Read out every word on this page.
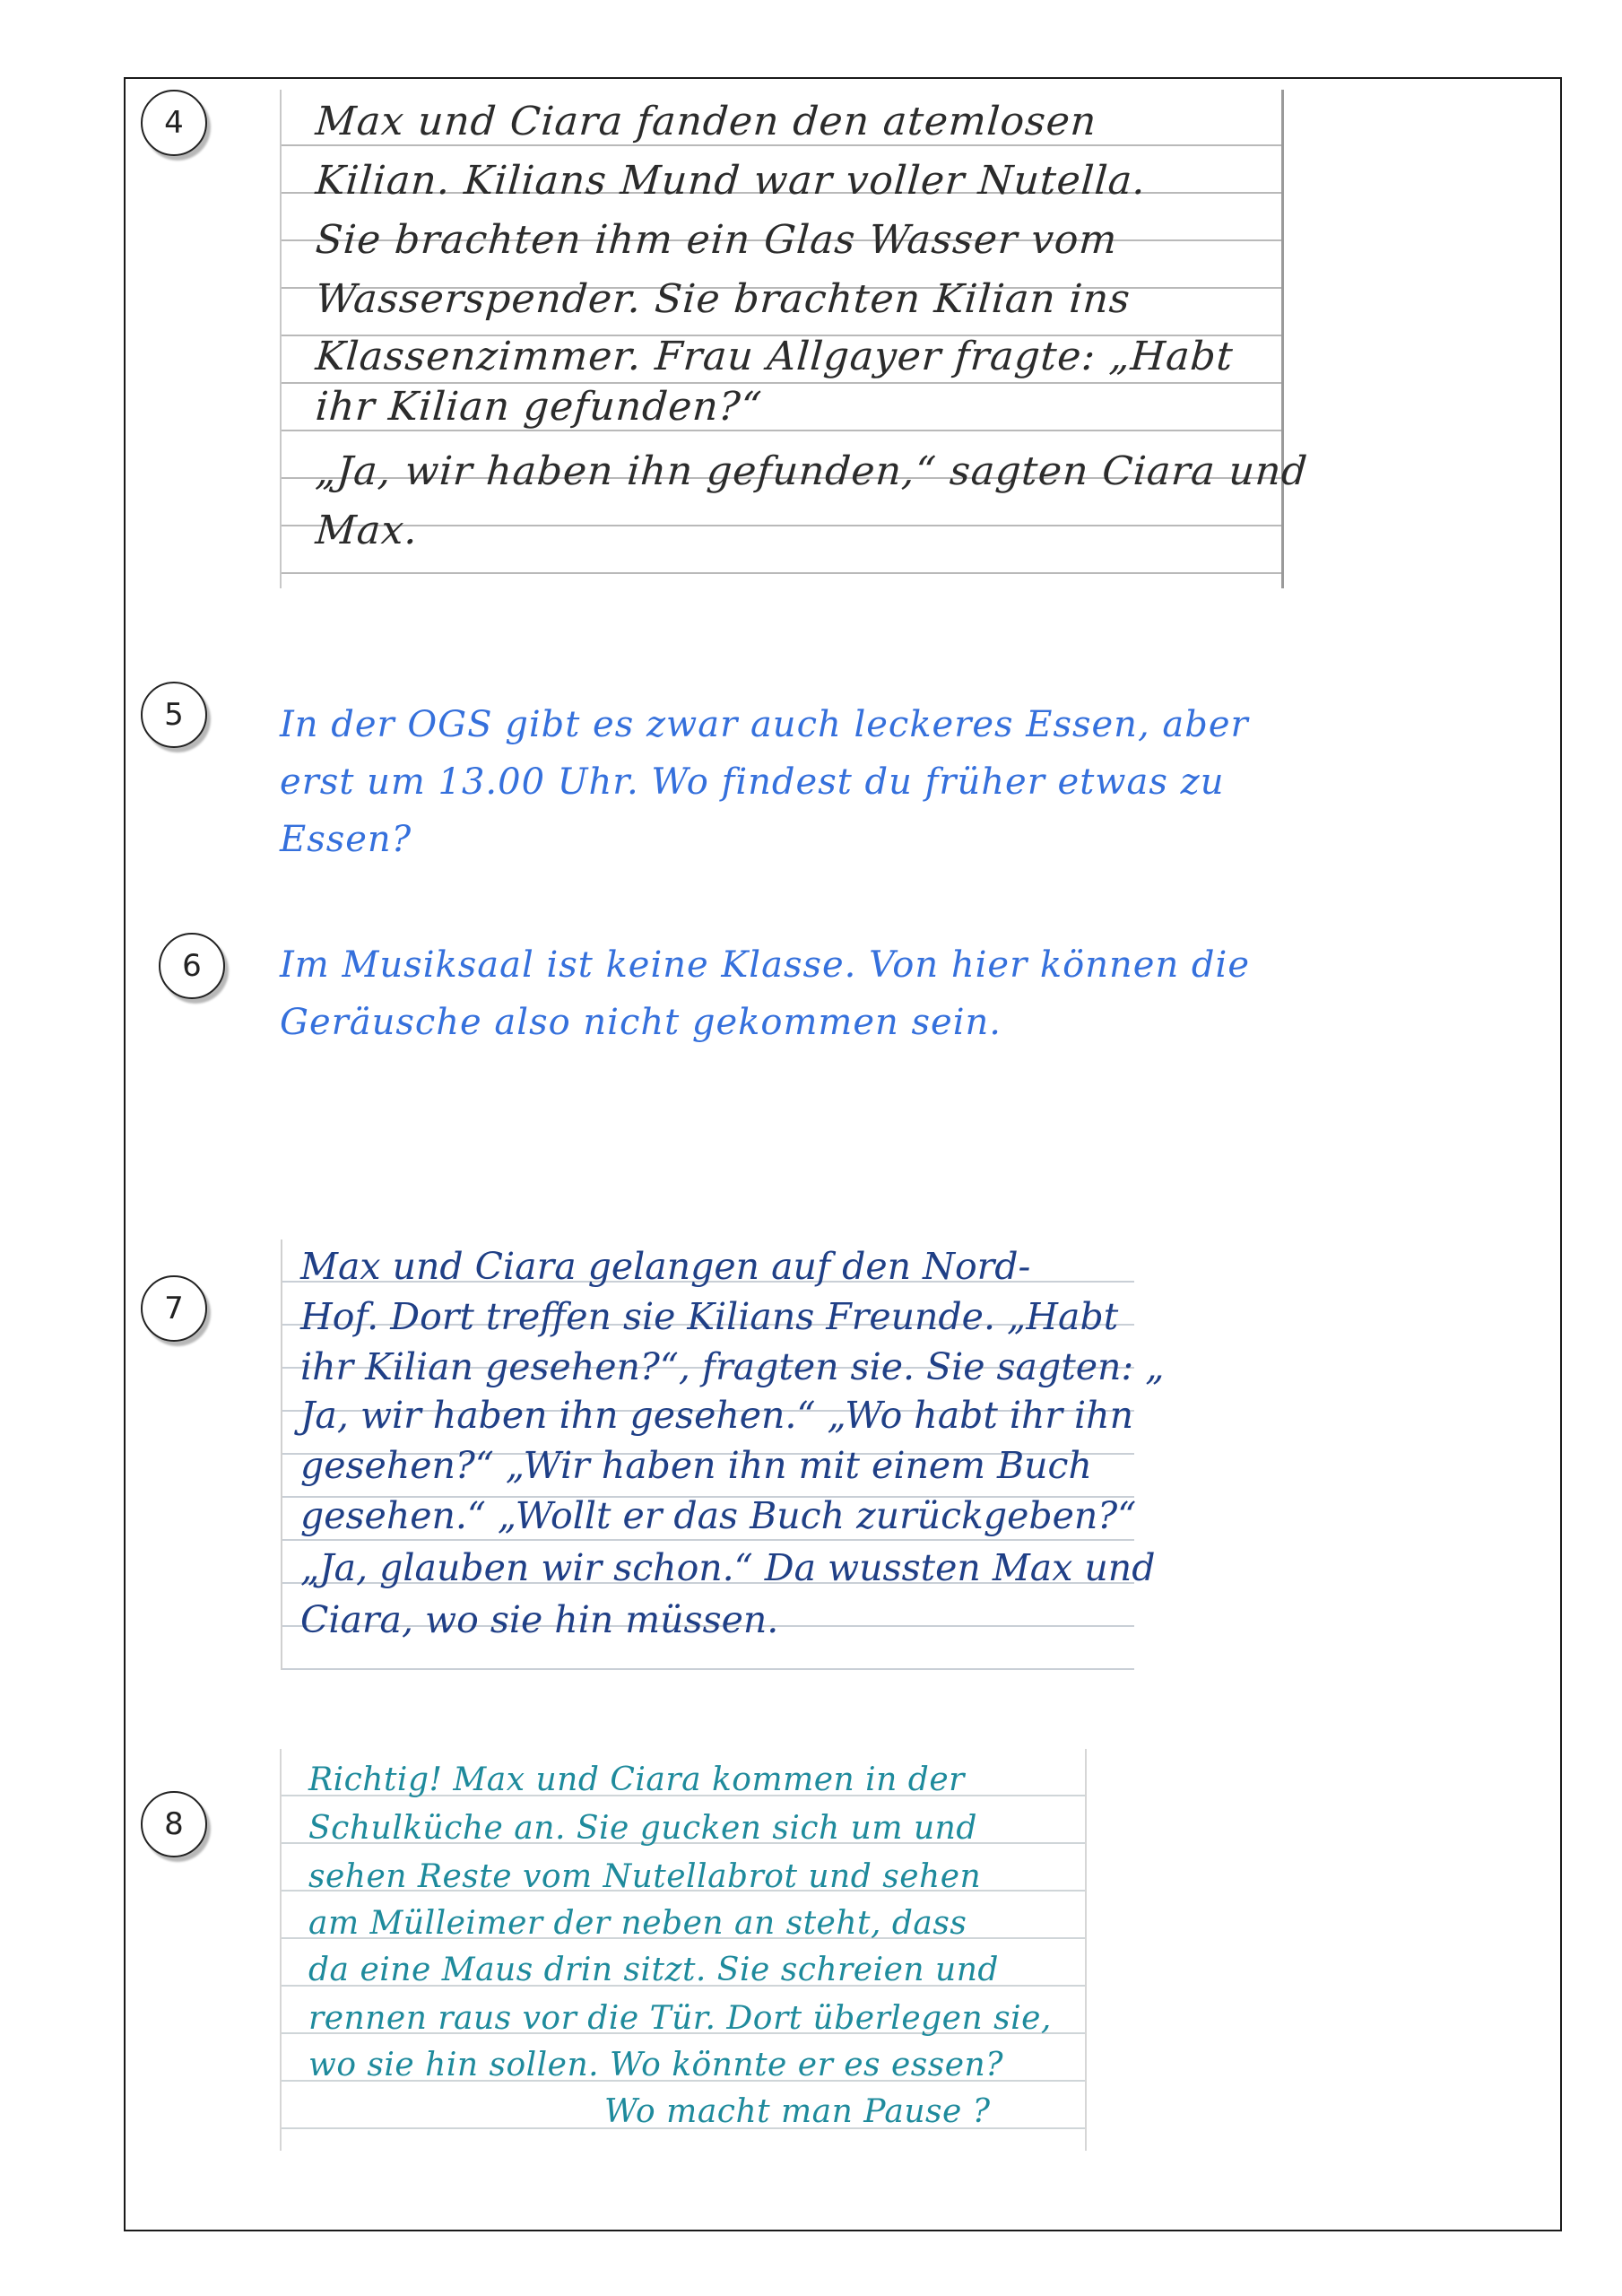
4
5
6
7
8
Max und Ciara fanden den atemlosen
Kilian. Kilians Mund war voller Nutella.
Sie brachten ihm ein Glas Wasser vom
Wasserspender. Sie brachten Kilian ins
Klassenzimmer. Frau Allgayer fragte: „Habt
ihr Kilian gefunden?“
„Ja, wir haben ihn gefunden,“ sagten Ciara und
Max.
In der OGS gibt es zwar auch leckeres Essen, aber
erst um 13.00 Uhr. Wo findest du früher etwas zu
Essen?
Im Musiksaal ist keine Klasse. Von hier können die
Geräusche also nicht gekommen sein.
Max und Ciara gelangen auf den Nord-
Hof. Dort treffen sie Kilians Freunde. „Habt
ihr Kilian gesehen?“, fragten sie. Sie sagten: „
Ja, wir haben ihn gesehen.“ „Wo habt ihr ihn
gesehen?“ „Wir haben ihn mit einem Buch
gesehen.“ „Wollt er das Buch zurückgeben?“
„Ja, glauben wir schon.“ Da wussten Max und
Ciara, wo sie hin müssen.
Richtig! Max und Ciara kommen in der
Schulküche an. Sie gucken sich um und
sehen Reste vom Nutellabrot und sehen
am Mülleimer der neben an steht, dass
da eine Maus drin sitzt. Sie schreien und
rennen raus vor die Tür. Dort überlegen sie,
wo sie hin sollen. Wo könnte er es essen?
Wo macht man Pause ?
